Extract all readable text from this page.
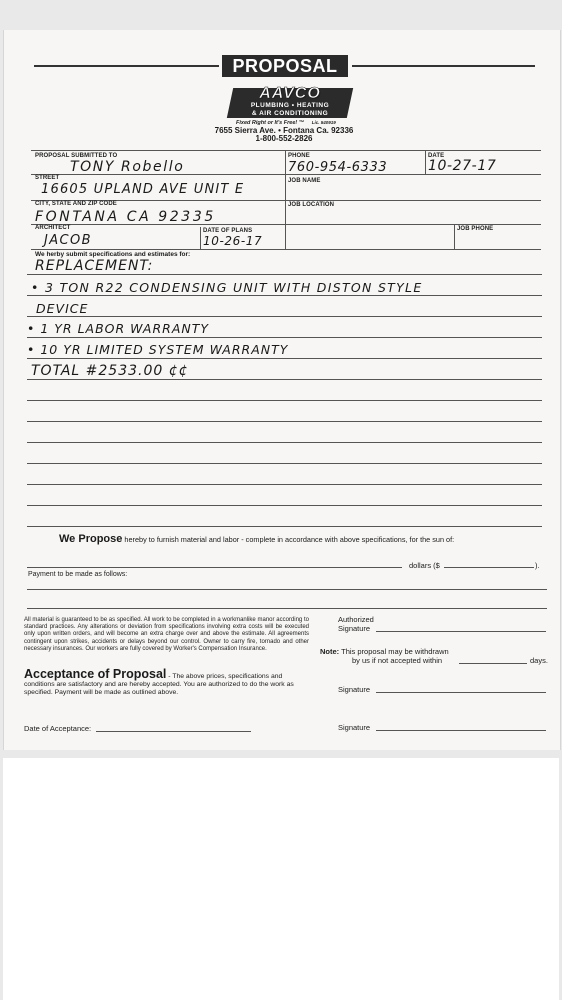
PROPOSAL
AAVCO
PLUMBING • HEATING
& AIR CONDITIONING
Fixed Right or It's Free! ™ Lic. 540919
7655 Sierra Ave. • Fontana Ca. 92336
1-800-552-2826
PROPOSAL SUBMITTED TO	PHONE	DATE
TONY Robello	760-954-6333	10-27-17
STREET	JOB NAME
16605 UPLAND AVE UNIT E
CITY, STATE AND ZIP CODE	JOB LOCATION
FONTANA CA 92335
ARCHITECT	DATE OF PLANS	JOB PHONE
JACOB	10-26-17
We herby submit specifications and estimates for:
REPLACEMENT:
• 3 TON R22 CONDENSING UNIT WITH DISTON STYLE
DEVICE
• 1 YR LABOR WARRANTY
• 10 YR LIMITED SYSTEM WARRANTY
TOTAL #2533.00 ¢¢
We Propose hereby to furnish material and labor - complete in accordance with above specifications, for the sun of:
dollars ($	).
Payment to be made as follows:
All material is guaranteed to be as specified. All work to be completed in a workmanlike manor according to standard practices. Any alterations or deviation from specifications involving extra costs will be executed only upon written orders, and will become an extra charge over and above the estimate. All agreements contingent upon strikes, accidents or delays beyond our control. Owner to carry fire, tornado and other necessary insurances. Our workers are fully covered by Worker's Compensation Insurance.
Authorized
Signature
Note: This proposal may be withdrawn
by us if not accepted within	days.
Acceptance of Proposal - The above prices, specifications and conditions are satisfactory and are hereby accepted. You are authorized to do the work as specified. Payment will be made as outlined above.	Signature
Date of Acceptance:	Signature
